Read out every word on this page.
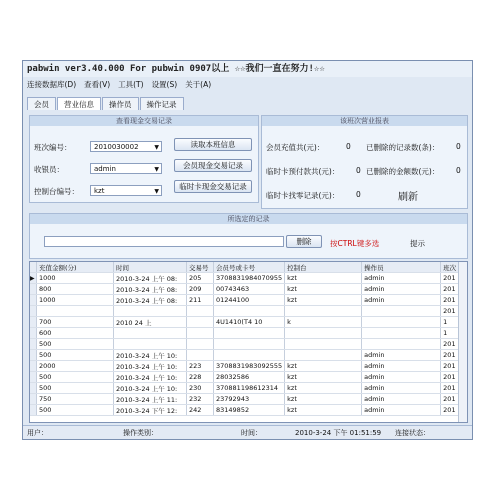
pabwin ver3.40.000 For pubwin 0907以上 ☆☆我们一直在努力!☆☆
连接数据库(D) 查看(V) 工具(T) 设置(S) 关于(A)
会员	营业信息	操作员	操作记录
查看现金交易记录
班次编号：	2010030002	▼
收银员：	admin	▼
控制台编号：	kzt	▼
读取本班信息
会员现金交易记录
临时卡现金交易记录
该班次营业报表
会员充值共(元)：	0 已删除的记录数(条)： 0
临时卡预付款共(元)： 0 已删除的金额数(元)： 0
临时卡找零记录(元)： 0	刷新
所选定的记录
删除	按CTRL键多选	提示
	充值金额(分)	时间	交易号	会员号或卡号	控制台	操作员	班次
▶	1000	2010-3-24 上午 08:	205	3708831984070955	kzt	admin	201
	800	2010-3-24 上午 08:	209	00743463	kzt	admin	201
	1000	2010-3-24 上午 08:	211	01244100	kzt	admin	201
							201
	700	2010 24 上		4U1410(T4 10	k		1
	600						1
	500						201
	500	2010-3-24 上午 10:				admin	201
	2000	2010-3-24 上午 10:	223	3708831983092555	kzt	admin	201
	500	2010-3-24 上午 10:	228	28032586	kzt	admin	201
	500	2010-3-24 上午 10:	230	370881198612314	kzt	admin	201
	750	2010-3-24 上午 11:	232	23792943	kzt	admin	201
	500	2010-3-24 下午 12:	242	83149852	kzt	admin	201
用户：	操作类别：	时间：	2010-3-24 下午 01:51:59 连接状态：
